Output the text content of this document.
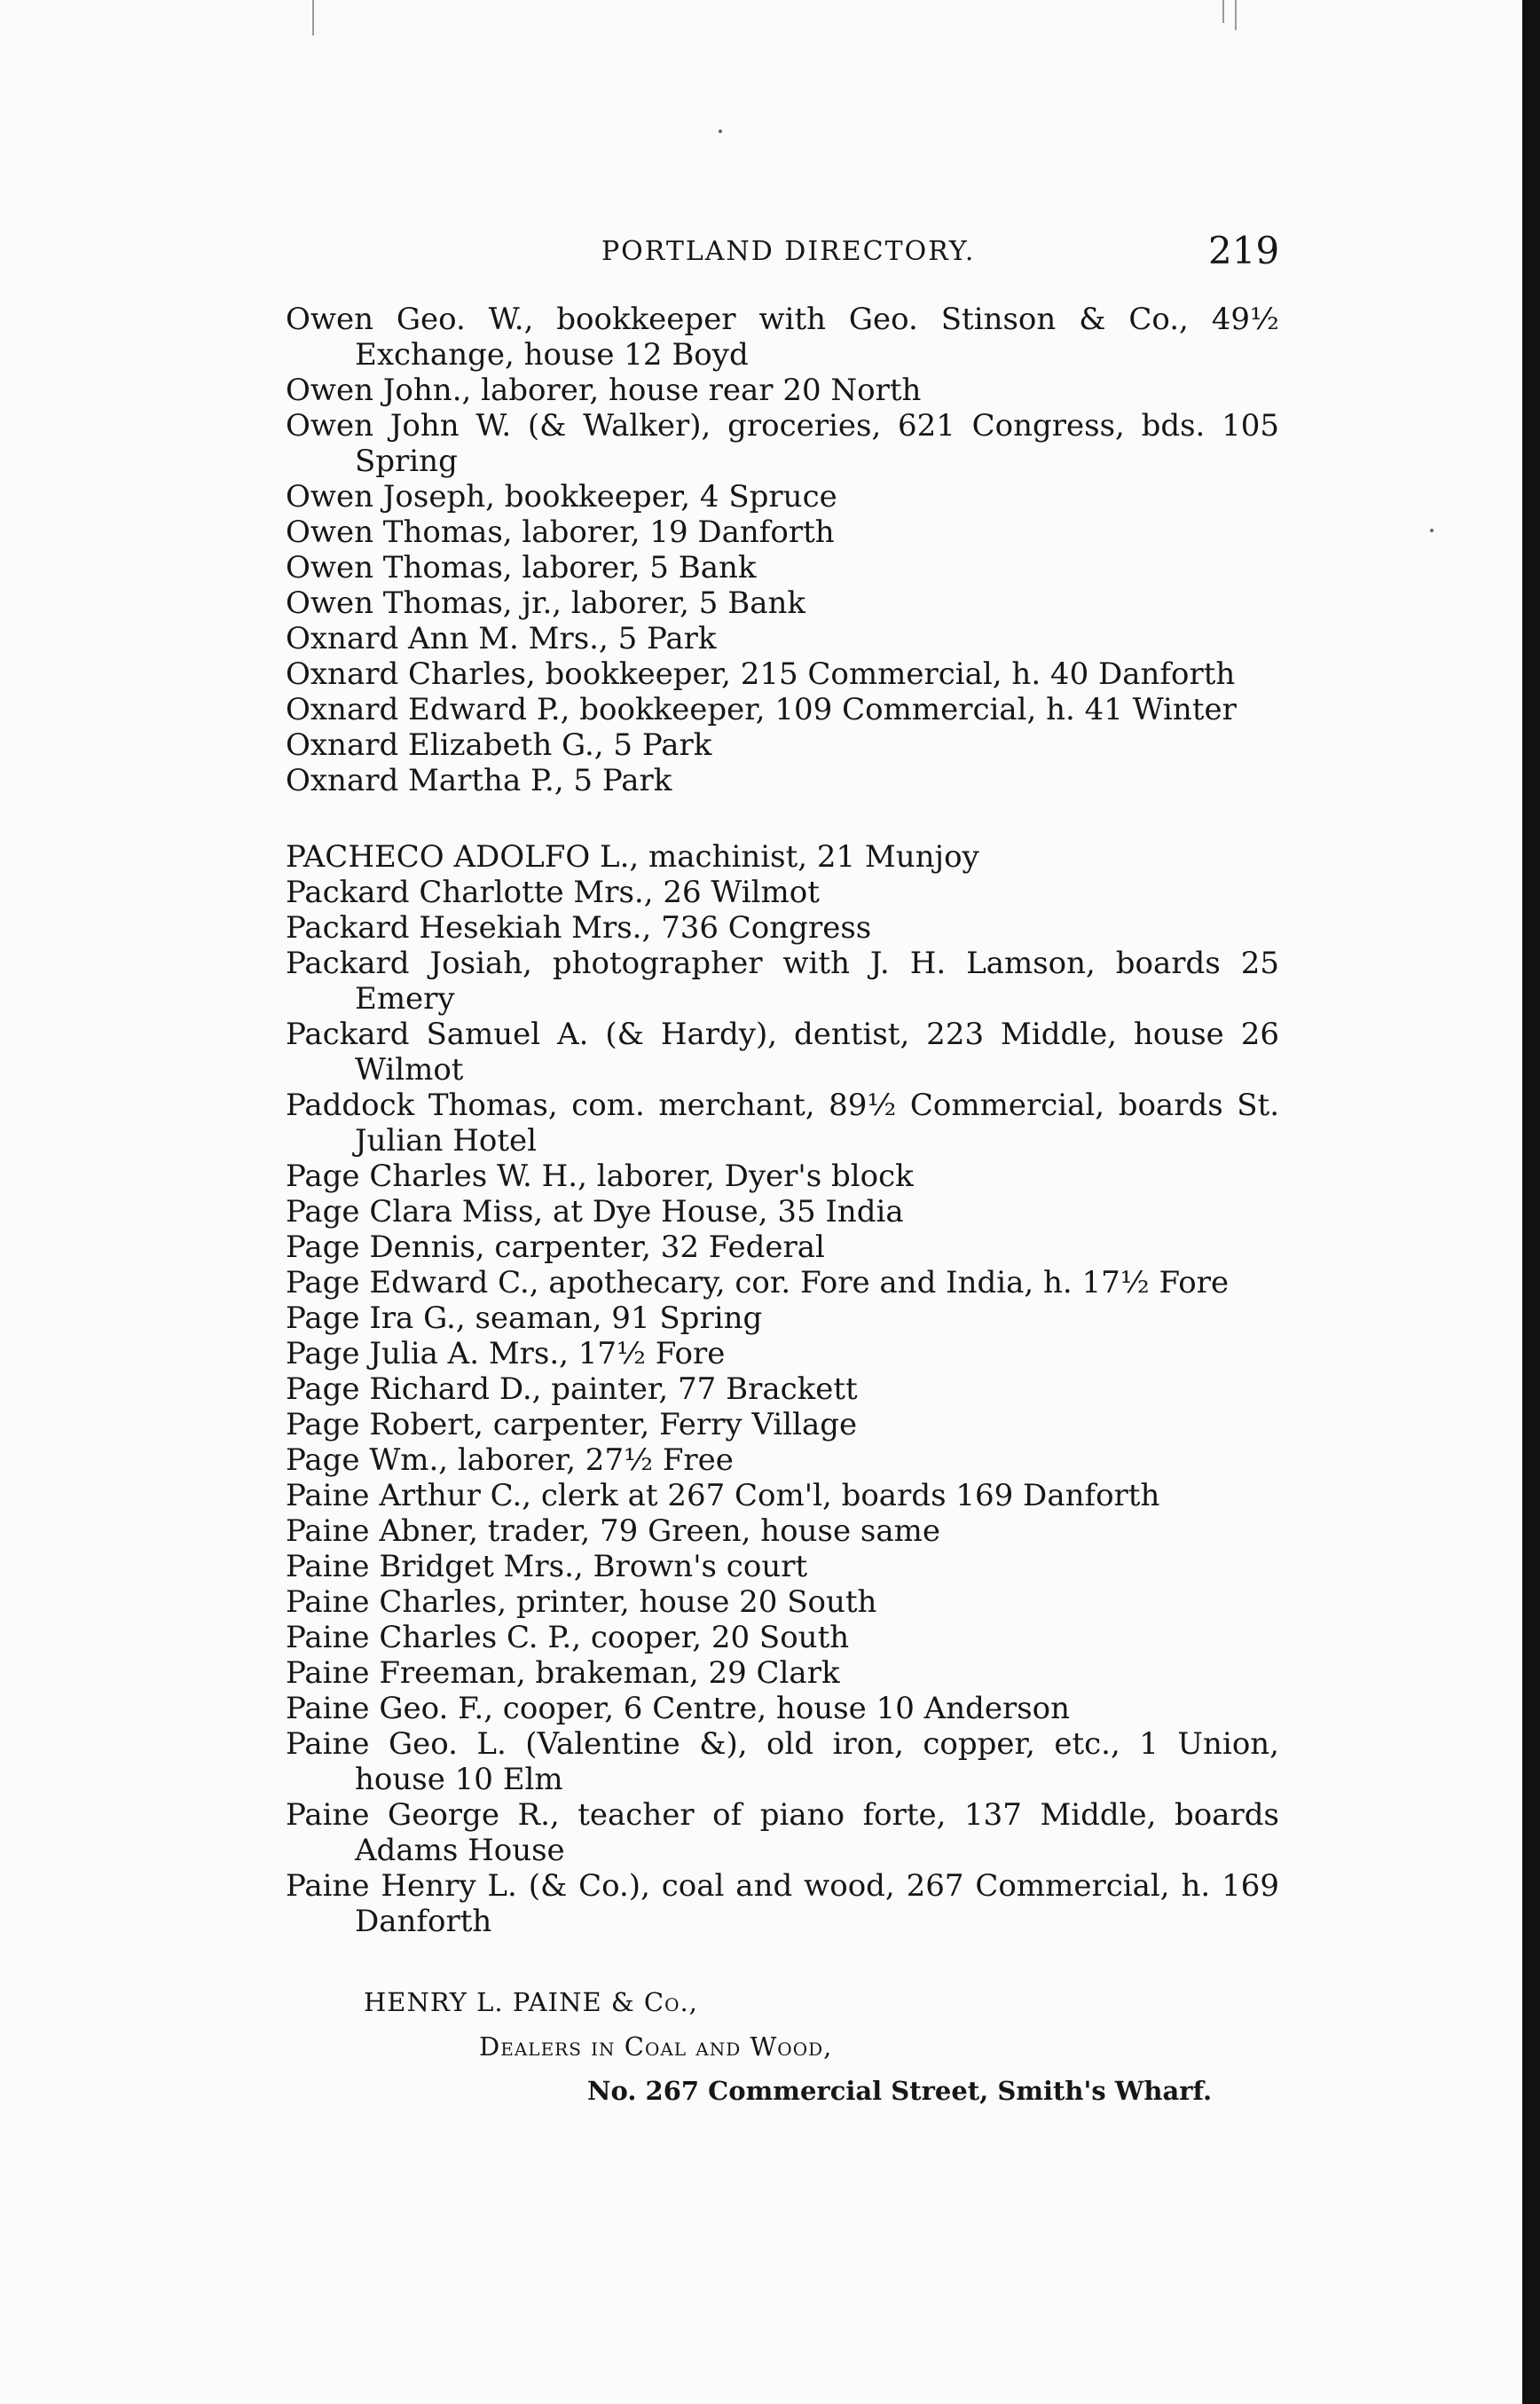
PORTLAND DIRECTORY.	219

Owen Geo. W., bookkeeper with Geo. Stinson & Co., 49½ Exchange, house 12 Boyd

Owen John., laborer, house rear 20 North

Owen John W. (& Walker), groceries, 621 Congress, bds. 105 Spring

Owen Joseph, bookkeeper, 4 Spruce

Owen Thomas, laborer, 19 Danforth

Owen Thomas, laborer, 5 Bank

Owen Thomas, jr., laborer, 5 Bank

Oxnard Ann M. Mrs., 5 Park

Oxnard Charles, bookkeeper, 215 Commercial, h. 40 Danforth

Oxnard Edward P., bookkeeper, 109 Commercial, h. 41 Winter

Oxnard Elizabeth G., 5 Park

Oxnard Martha P., 5 Park

PACHECO ADOLFO L., machinist, 21 Munjoy

Packard Charlotte Mrs., 26 Wilmot

Packard Hesekiah Mrs., 736 Congress

Packard Josiah, photographer with J. H. Lamson, boards 25 Emery

Packard Samuel A. (& Hardy), dentist, 223 Middle, house 26 Wilmot

Paddock Thomas, com. merchant, 89½ Commercial, boards St. Julian Hotel

Page Charles W. H., laborer, Dyer's block

Page Clara Miss, at Dye House, 35 India

Page Dennis, carpenter, 32 Federal

Page Edward C., apothecary, cor. Fore and India, h. 17½ Fore

Page Ira G., seaman, 91 Spring

Page Julia A. Mrs., 17½ Fore

Page Richard D., painter, 77 Brackett

Page Robert, carpenter, Ferry Village

Page Wm., laborer, 27½ Free

Paine Arthur C., clerk at 267 Com'l, boards 169 Danforth

Paine Abner, trader, 79 Green, house same

Paine Bridget Mrs., Brown's court

Paine Charles, printer, house 20 South

Paine Charles C. P., cooper, 20 South

Paine Freeman, brakeman, 29 Clark

Paine Geo. F., cooper, 6 Centre, house 10 Anderson

Paine Geo. L. (Valentine &), old iron, copper, etc., 1 Union, house 10 Elm

Paine George R., teacher of piano forte, 137 Middle, boards Adams House

Paine Henry L. (& Co.), coal and wood, 267 Commercial, h. 169 Danforth

HENRY L. PAINE & Co.,
Dealers in Coal and Wood,
No. 267 Commercial Street, Smith's Wharf.
